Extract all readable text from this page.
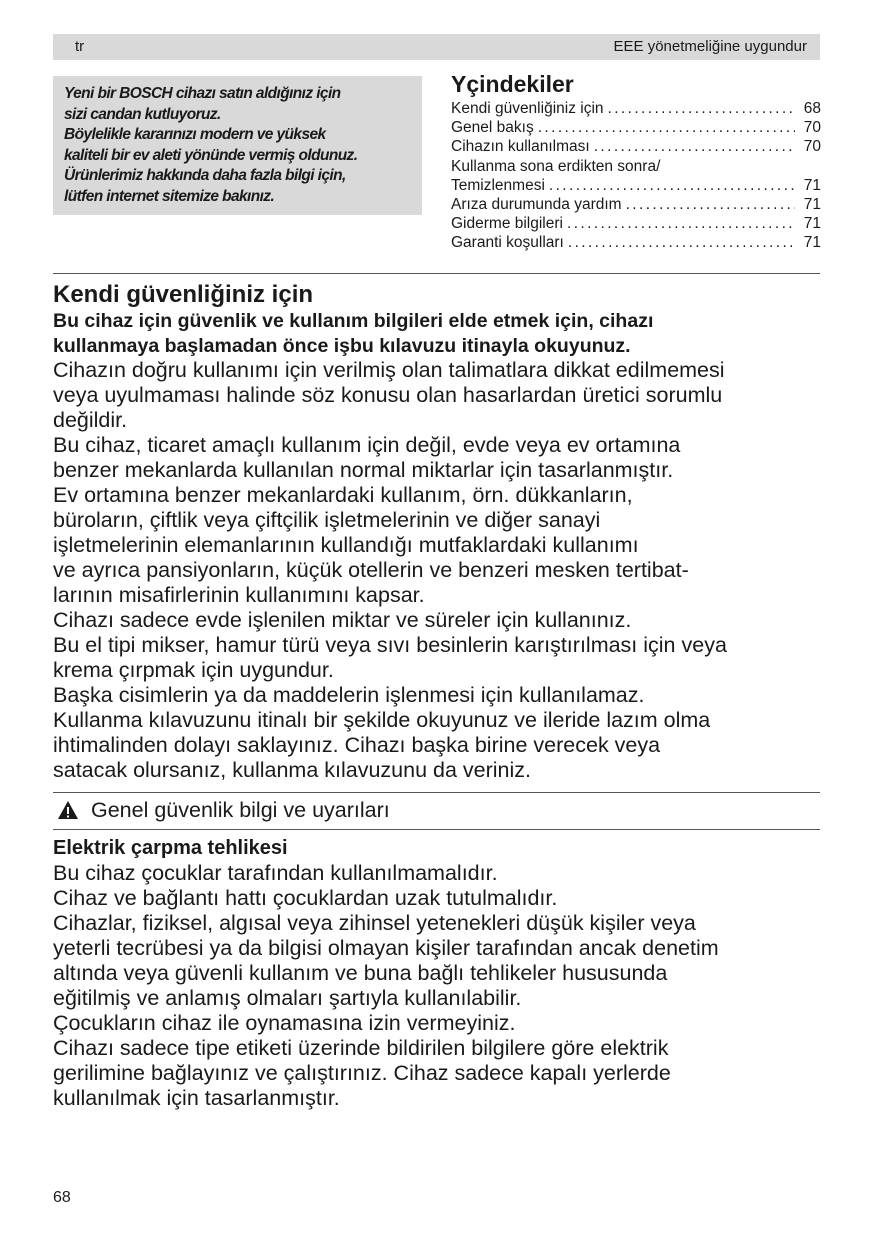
tr	EEE yönetmeliğine uygundur

Yeni bir BOSCH cihazı satın aldığınız için

sizi candan kutluyoruz.

Böylelikle kararınızı modern ve yüksek

kaliteli bir ev aleti yönünde vermiş oldunuz.

Ürünlerimiz hakkında daha fazla bilgi için,

lütfen internet sitemize bakınız.

Yçindekiler
Kendi güvenliğiniz için .....	68
Genel bakış .....	70
Cihazın kullanılması .....	70
Kullanma sona erdikten sonra/
Temizlenmesi .....	71
Arıza durumunda yardım .....	71
Giderme bilgileri .....	71
Garanti koşulları .....	71
Kendi güvenliğiniz için

Bu cihaz için güvenlik ve kullanım bilgileri elde etmek için, cihazı

kullanmaya başlamadan önce işbu kılavuzu itinayla okuyunuz.

Cihazın doğru kullanımı için verilmiş olan talimatlara dikkat edilmemesi

veya uyulmaması halinde söz konusu olan hasarlardan üretici sorumlu

değildir.

Bu cihaz, ticaret amaçlı kullanım için değil, evde veya ev ortamına

benzer mekanlarda kullanılan normal miktarlar için tasarlanmıştır.

Ev ortamına benzer mekanlardaki kullanım, örn. dükkanların,

büroların, çiftlik veya çiftçilik işletmelerinin ve diğer sanayi

işletmelerinin elemanlarının kullandığı mutfaklardaki kullanımı

ve ayrıca pansiyonların, küçük otellerin ve benzeri mesken tertibat-

larının misafirlerinin kullanımını kapsar.

Cihazı sadece evde işlenilen miktar ve süreler için kullanınız.

Bu el tipi mikser, hamur türü veya sıvı besinlerin karıştırılması için veya

krema çırpmak için uygundur.

Başka cisimlerin ya da maddelerin işlenmesi için kullanılamaz.

Kullanma kılavuzunu itinalı bir şekilde okuyunuz ve ileride lazım olma

ihtimalinden dolayı saklayınız. Cihazı başka birine verecek veya

satacak olursanız, kullanma kılavuzunu da veriniz.

Genel güvenlik bilgi ve uyarıları
Elektrik çarpma tehlikesi

Bu cihaz çocuklar tarafından kullanılmamalıdır.

Cihaz ve bağlantı hattı çocuklardan uzak tutulmalıdır.

Cihazlar, fiziksel, algısal veya zihinsel yetenekleri düşük kişiler veya

yeterli tecrübesi ya da bilgisi olmayan kişiler tarafından ancak denetim

altında veya güvenli kullanım ve buna bağlı tehlikeler hususunda

eğitilmiş ve anlamış olmaları şartıyla kullanılabilir.

Çocukların cihaz ile oynamasına izin vermeyiniz.

Cihazı sadece tipe etiketi üzerinde bildirilen bilgilere göre elektrik

gerilimine bağlayınız ve çalıştırınız. Cihaz sadece kapalı yerlerde

kullanılmak için tasarlanmıştır.

68
